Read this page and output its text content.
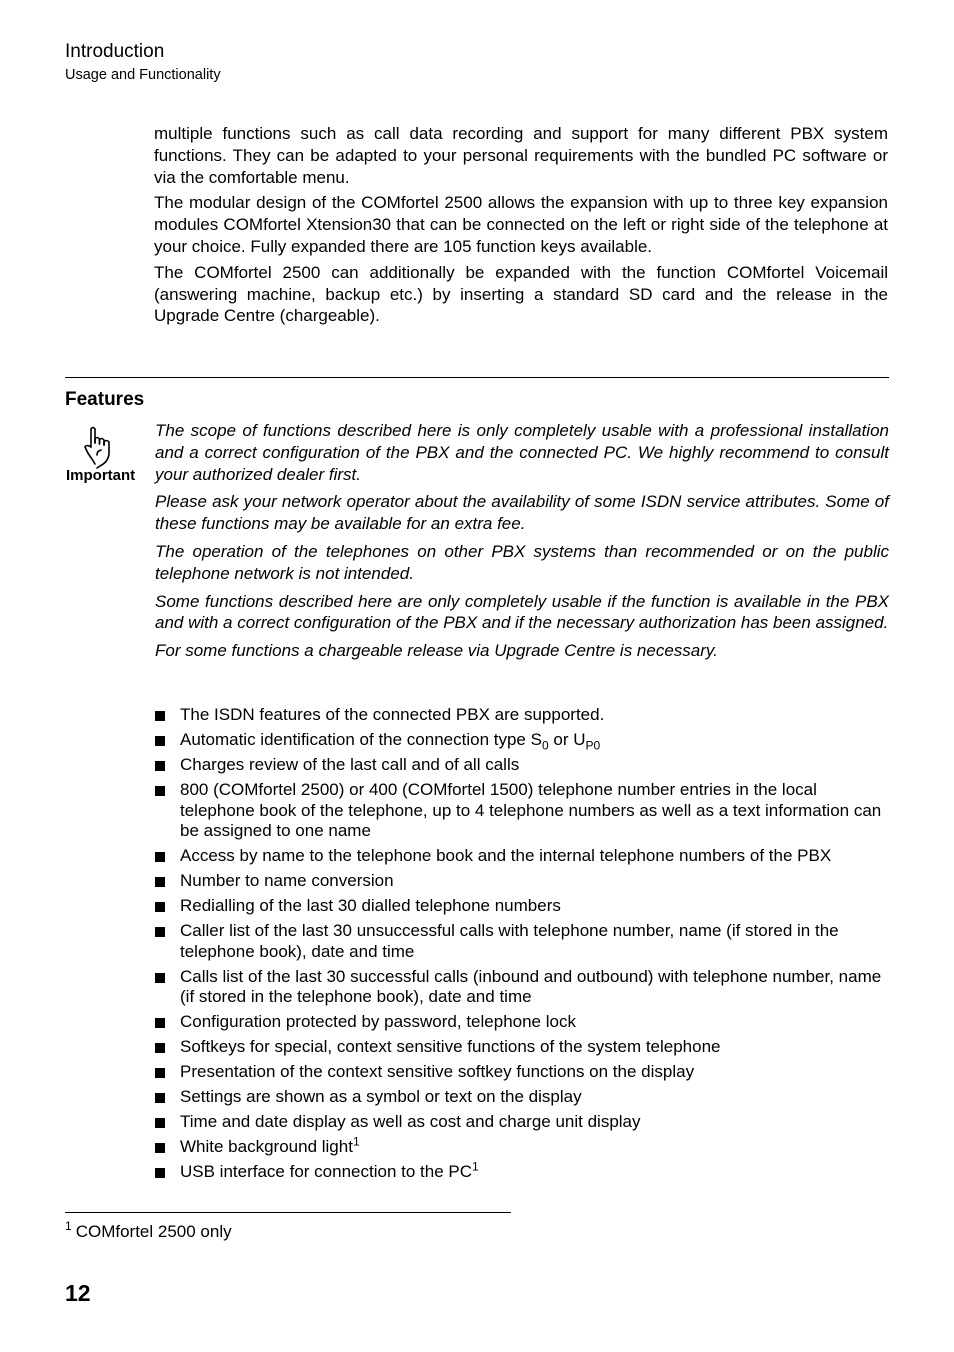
Introduction
Usage and Functionality

multiple functions such as call data recording and support for many different PBX system functions. They can be adapted to your personal requirements with the bundled PC software or via the comfortable menu.

The modular design of the COMfortel 2500 allows the expansion with up to three key expansion modules COMfortel Xtension30 that can be connected on the left or right side of the telephone at your choice. Fully expanded there are 105 function keys available.

The COMfortel 2500 can additionally be expanded with the function COMfortel Voicemail (answering machine, backup etc.) by inserting a standard SD card and the release in the Upgrade Centre (chargeable).

Features
Important

The scope of functions described here is only completely usable with a professional installation and a correct configuration of the PBX and the connected PC. We highly recommend to consult your authorized dealer first.

Please ask your network operator about the availability of some ISDN service attributes. Some of these functions may be available for an extra fee.

The operation of the telephones on other PBX systems than recommended or on the public telephone network is not intended.

Some functions described here are only completely usable if the function is available in the PBX and with a correct configuration of the PBX and if the necessary authorization has been assigned.

For some functions a chargeable release via Upgrade Centre is necessary.

The ISDN features of the connected PBX are supported.
Automatic identification of the connection type $S_0$ or $U_{P0}$
Charges review of the last call and of all calls
800 (COMfortel 2500) or 400 (COMfortel 1500) telephone number entries in the local telephone book of the telephone, up to 4 telephone numbers as well as a text information can be assigned to one name
Access by name to the telephone book and the internal telephone numbers of the PBX
Number to name conversion
Redialling of the last 30 dialled telephone numbers
Caller list of the last 30 unsuccessful calls with telephone number, name (if stored in the telephone book), date and time
Calls list of the last 30 successful calls (inbound and outbound) with telephone number, name (if stored in the telephone book), date and time
Configuration protected by password, telephone lock
Softkeys for special, context sensitive functions of the system telephone
Presentation of the context sensitive softkey functions on the display
Settings are shown as a symbol or text on the display
Time and date display as well as cost and charge unit display
White background light$^1$
USB interface for connection to the $PC^1$
$^1$ COMfortel 2500 only
12
